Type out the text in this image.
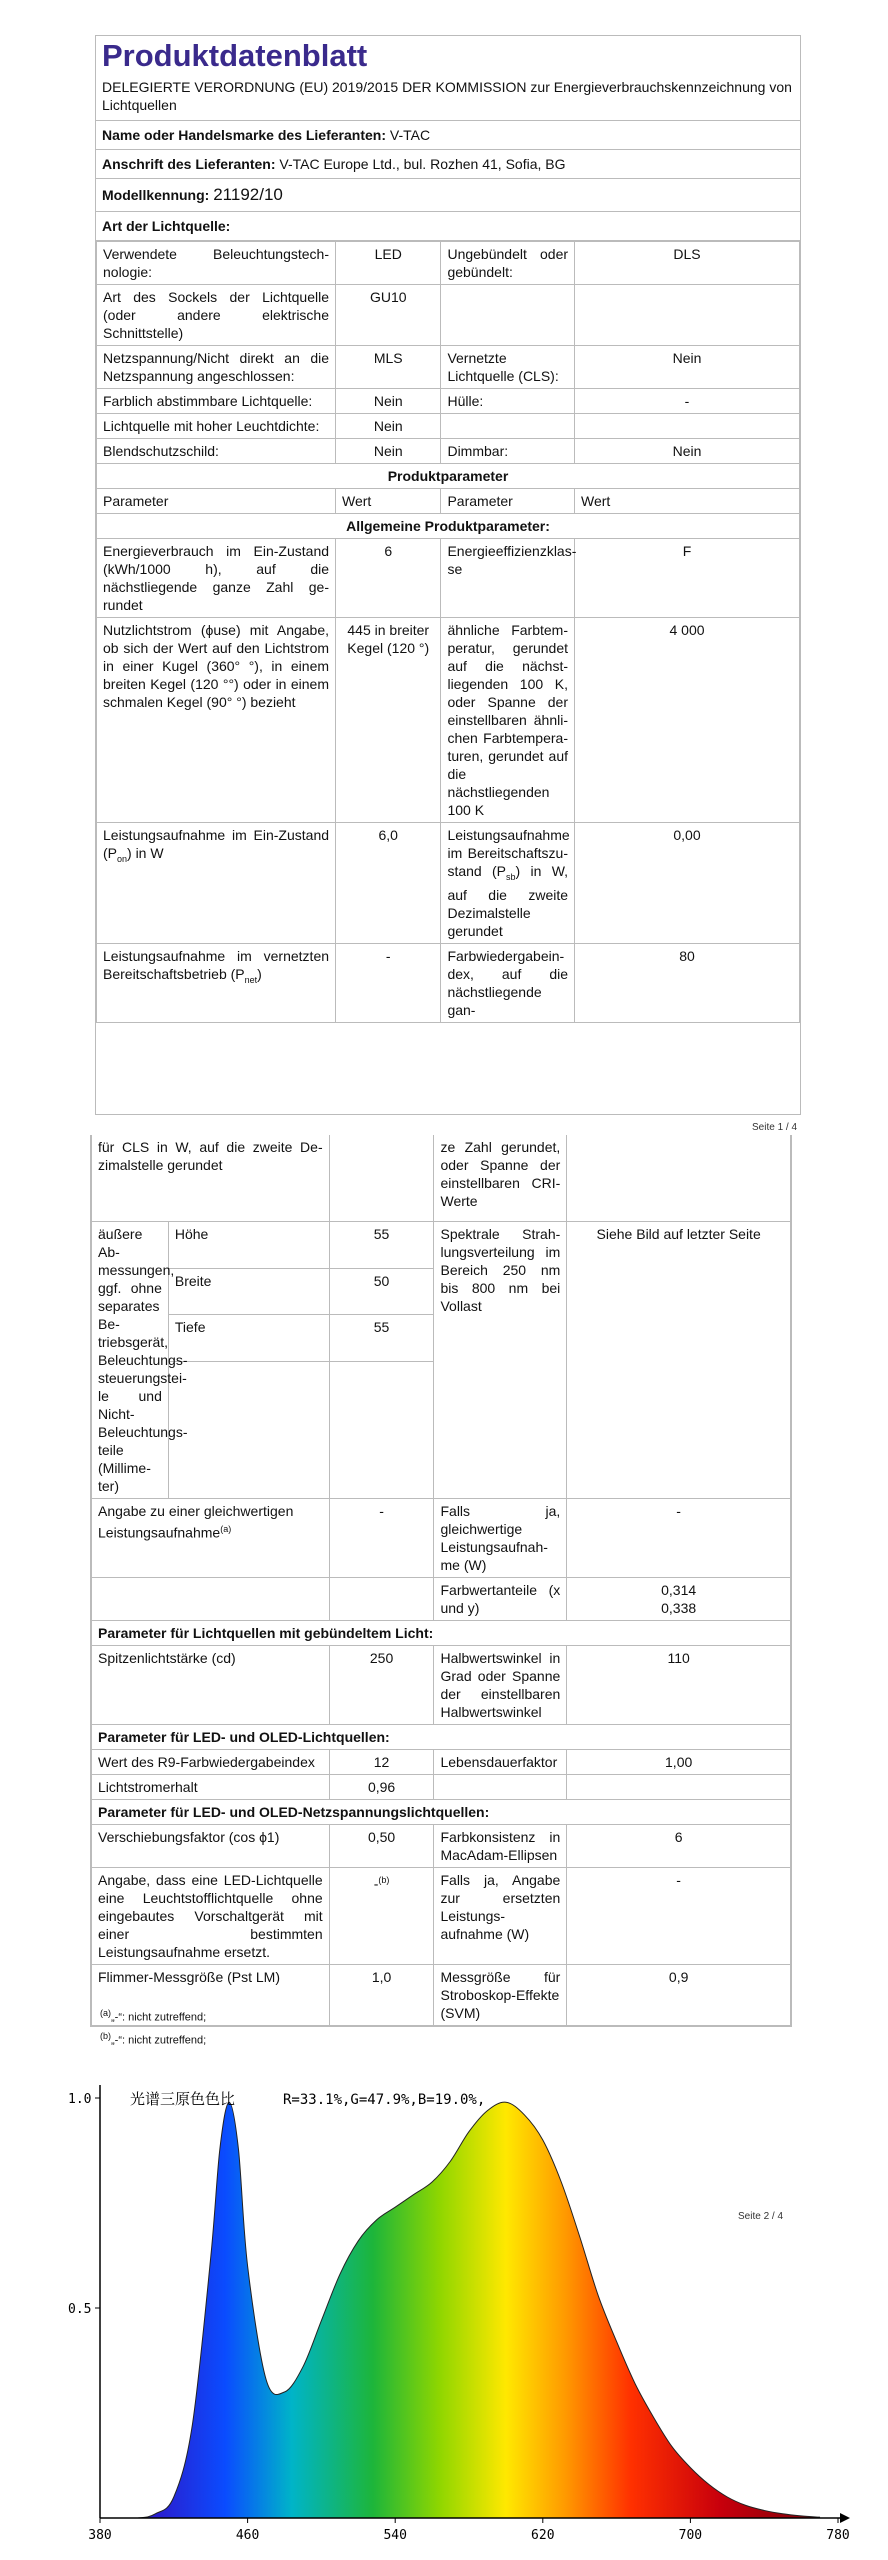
Produktdatenblatt
DELEGIERTE VERORDNUNG (EU) 2019/2015 DER KOMMISSION zur Energieverbrauchskennzeichnung von Lichtquellen
Name oder Handelsmarke des Lieferanten: V-TAC
Anschrift des Lieferanten: V-TAC Europe Ltd., bul. Rozhen 41, Sofia, BG
Modellkennung: 21192/10
Art der Lichtquelle:
Verwendete Beleuchtungstechnologie:	LED	Ungebündelt oder gebündelt:	DLS
Art des Sockels der Lichtquelle (oder andere elektrische Schnittstelle)	GU10		
Netzspannung/Nicht direkt an die Netzspannung angeschlossen:	MLS	Vernetzte Lichtquelle (CLS):	Nein
Farblich abstimmbare Lichtquelle:	Nein	Hülle:	-
Lichtquelle mit hoher Leuchtdichte:	Nein		
Blendschutzschild:	Nein	Dimmbar:	Nein
Produktparameter			
Parameter	Wert	Parameter	Wert
Allgemeine Produktparameter:			
Energieverbrauch im Ein-Zustand (kWh/1000 h), auf die nächstliegende ganze Zahl gerundet	6	Energieeffizienzklasse	F
Nutzlichtstrom (ϕuse) mit Angabe, ob sich der Wert auf den Lichtstrom in einer Kugel (360° °), in einem breiten Kegel (120 °°) oder in einem schmalen Kegel (90° °) bezieht	445 in breiter Kegel (120 °)	ähnliche Farbtemperatur, gerundet auf die nächstliegenden 100 K, oder Spanne der einstellbaren ähnlichen Farbtemperaturen, gerundet auf die nächstliegenden 100 K	4 000
Leistungsaufnahme im Ein-Zustand $(P_{on})$ in W	6,0	Leistungsaufnahme im Bereitschaftszustand $(P_{sb})$ in W, auf die zweite Dezimalstelle gerundet	0,00
Leistungsaufnahme im vernetzten Bereitschaftsbetrieb $(P_{net})$	-	Farbwiedergabeindex, auf die nächstliegende gan-	80
Seite 1 / 4
für CLS in W, auf die zweite Dezimalstelle gerundet			ze Zahl gerundet, oder Spanne der einstellbaren CRI-Werte	
äußere Abmessungen, ggf. ohne separates Betriebsgerät, Beleuchtungssteuerungsteile und Nicht-Beleuchtungsteile (Millimeter)	Höhe	55	Spektrale Strahlungsverteilung im Bereich 250 nm bis 800 nm bei Vollast	Siehe Bild auf letzter Seite
	Breite	50		
	Tiefe	55		

Angabe zu einer gleichwertigen Leistungsaufnahme$^{(a)}$		-	Falls ja, gleichwertige Leistungsaufnahme (W)	-
			Farbwertanteile (x und y)	0,314
0,338

Parameter für Lichtquellen mit gebündeltem Licht:				
Spitzenlichtstärke (cd)		250	Halbwertswinkel in Grad oder Spanne der einstellbaren Halbwertswinkel	110
Parameter für LED- und OLED-Lichtquellen:				
Wert des R9-Farbwiedergabeindex		12	Lebensdauerfaktor	1,00
Lichtstromerhalt		0,96		
Parameter für LED- und OLED-Netzspannungslichtquellen:				
Verschiebungsfaktor (cos ϕ1)		0,50	Farbkonsistenz in MacAdam-Ellipsen	6
Angabe, dass eine LED-Lichtquelle eine Leuchtstofflichtquelle ohne eingebautes Vorschaltgerät mit einer bestimmten Leistungsaufnahme ersetzt.		-$^{(b)}$	Falls ja, Angabe zur ersetzten Leistungsaufnahme (W)	-
Flimmer-Messgröße (Pst LM)		1,0	Messgröße für Stroboskop-Effekte (SVM)	0,9
$^{(a)}$„-“: nicht zutreffend;
$^{(b)}$„-“: nicht zutreffend;
380	460	540	620	700	780
1.0
0.5
光谱三原色色比	R=33.1%,G=47.9%,B=19.0%,
Seite 2 / 4
